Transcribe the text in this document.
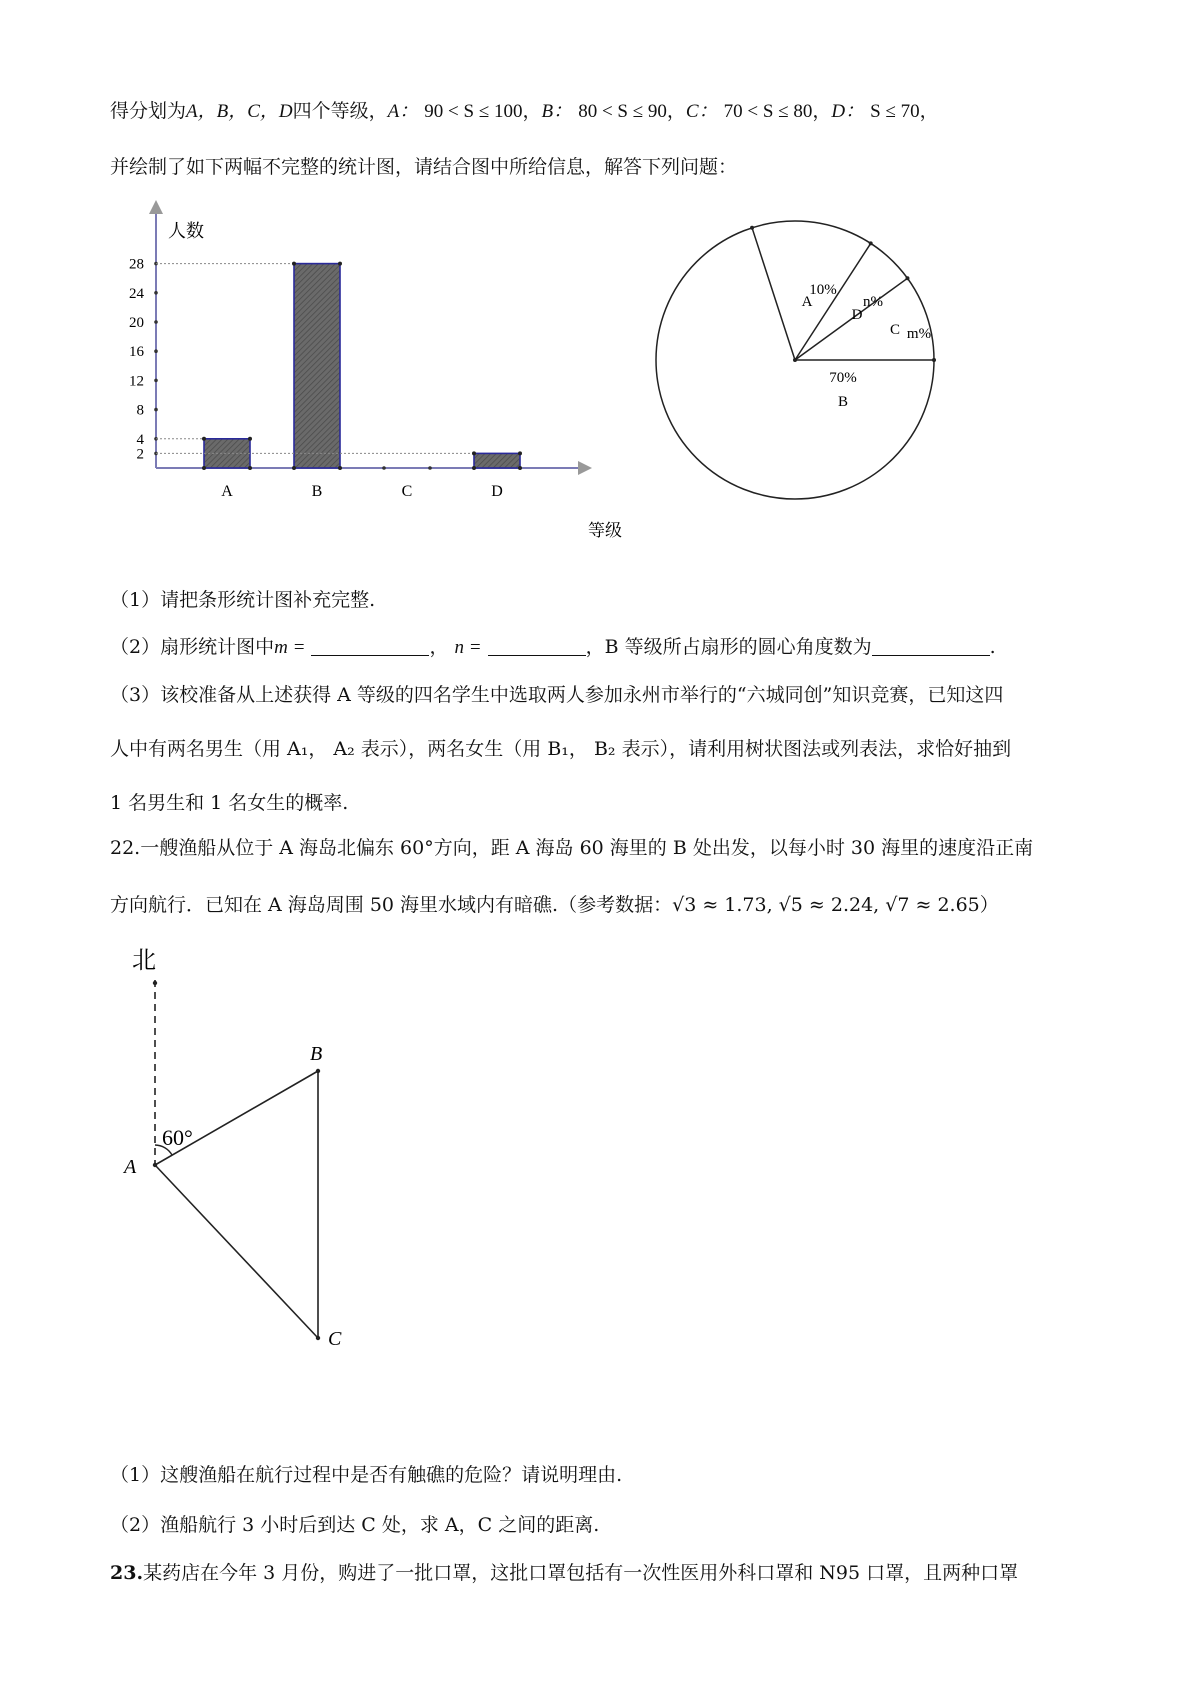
得分划为A，B，C，D四个等级，A： 90 < S ≤ 100，B： 80 < S ≤ 90，C： 70 < S ≤ 80，D： S ≤ 70，
并绘制了如下两幅不完整的统计图，请结合图中所给信息，解答下列问题：
2
4
8
12
16
20
24
28
A	B	C	D
人数
等级
A
10%
D
n%
C m%
B
70%
（1）请把条形统计图补充完整.
（2）扇形统计图中m =	， n =	，B 等级所占扇形的圆心角度数为	.
（3）该校准备从上述获得 A 等级的四名学生中选取两人参加永州市举行的“六城同创”知识竞赛，已知这四
人中有两名男生（用 A₁， A₂ 表示），两名女生（用 B₁， B₂ 表示），请利用树状图法或列表法，求恰好抽到
1 名男生和 1 名女生的概率.
22.一艘渔船从位于 A 海岛北偏东 60°方向，距 A 海岛 60 海里的 B 处出发，以每小时 30 海里的速度沿正南
方向航行．已知在 A 海岛周围 50 海里水域内有暗礁.（参考数据：√3 ≈ 1.73, √5 ≈ 2.24, √7 ≈ 2.65）
北
60°
A
B
C
（1）这艘渔船在航行过程中是否有触礁的危险？请说明理由.
（2）渔船航行 3 小时后到达 C 处，求 A，C 之间的距离.
23.某药店在今年 3 月份，购进了一批口罩，这批口罩包括有一次性医用外科口罩和 N95 口罩，且两种口罩
